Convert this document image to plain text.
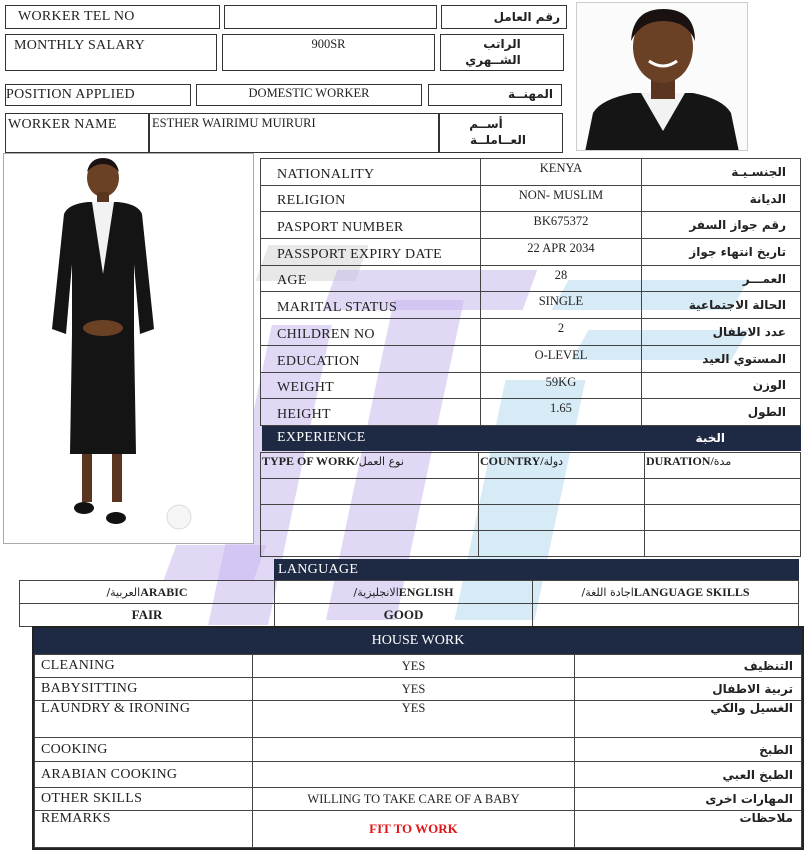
WORKER TEL NO	رقم العامل
MONTHLY SALARY	900SR	الراتب
الشــهري
POSITION APPLIED	DOMESTIC WORKER	المهنــة
WORKER NAME	ESTHER WAIRIMU MUIRURI	أســم
العــاملــة
NATIONALITY	KENYA	الجنسـيـة
RELIGION	NON- MUSLIM	الديانة
PASPORT NUMBER	BK675372	رقم جواز السفر
PASSPORT EXPIRY DATE	22 APR 2034	تاريخ انتهاء جواز
AGE	28	العمـــر
MARITAL STATUS	SINGLE	الحالة الاجتماعية
CHILDREN NO	2	عدد الاطفال
EDUCATION	O-LEVEL	المستوي العيد
WEIGHT	59KG	الوزن
HEIGHT	1.65	الطول
EXPERIENCE	الخبة
TYPE OF WORK/نوع العمل	COUNTRY/دولة	DURATION/مدة

LANGUAGE
/العربيةARABIC	/الانجليزيةENGLISH	/اجادة اللغةLANGUAGE SKILLS
FAIR	GOOD	
HOUSE WORK
CLEANING	YES	التنظيف
BABYSITTING	YES	تربية الاطفال
LAUNDRY & IRONING	YES	الغسيل والكي
COOKING		الطبخ
ARABIAN COOKING		الطبخ العبي
OTHER SKILLS	WILLING TO TAKE CARE OF A BABY	المهارات اخرى
REMARKS	FIT TO WORK	ملاحظات
